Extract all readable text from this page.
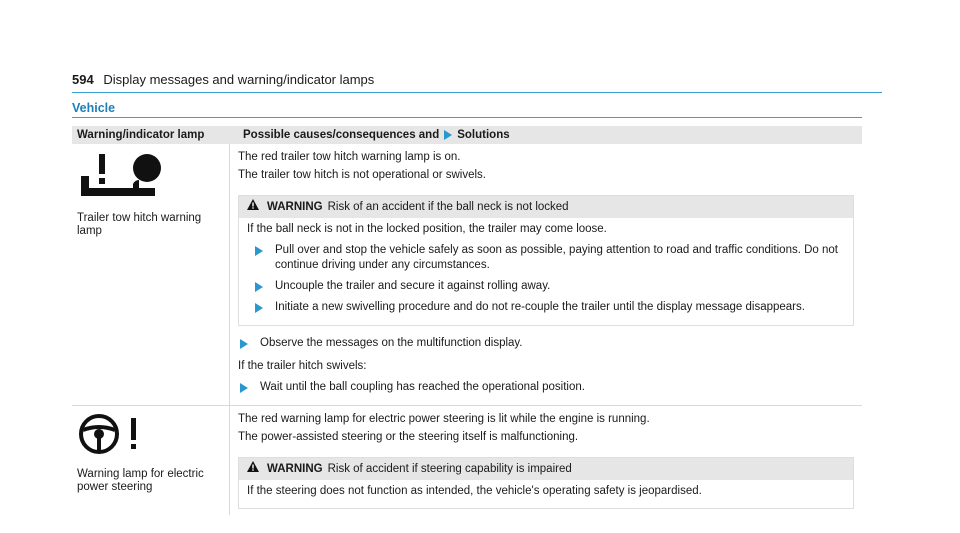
594 Display messages and warning/indicator lamps
Vehicle
Warning/indicator lamp	Possible causes/consequences and Solutions
Trailer tow hitch warning lamp

The red trailer tow hitch warning lamp is on.

The trailer tow hitch is not operational or swivels.

WARNING Risk of an accident if the ball neck is not locked

If the ball neck is not in the locked position, the trailer may come loose.

Pull over and stop the vehicle safely as soon as possible, paying attention to road and traffic conditions. Do not continue driving under any circumstances.
Uncouple the trailer and secure it against rolling away.
Initiate a new swivelling procedure and do not re-couple the trailer until the display message disappears.
Observe the messages on the multifunction display.

If the trailer hitch swivels:

Wait until the ball coupling has reached the operational position.
Warning lamp for electric power steering

The red warning lamp for electric power steering is lit while the engine is running.

The power-assisted steering or the steering itself is malfunctioning.

WARNING Risk of accident if steering capability is impaired

If the steering does not function as intended, the vehicle's operating safety is jeopardised.
